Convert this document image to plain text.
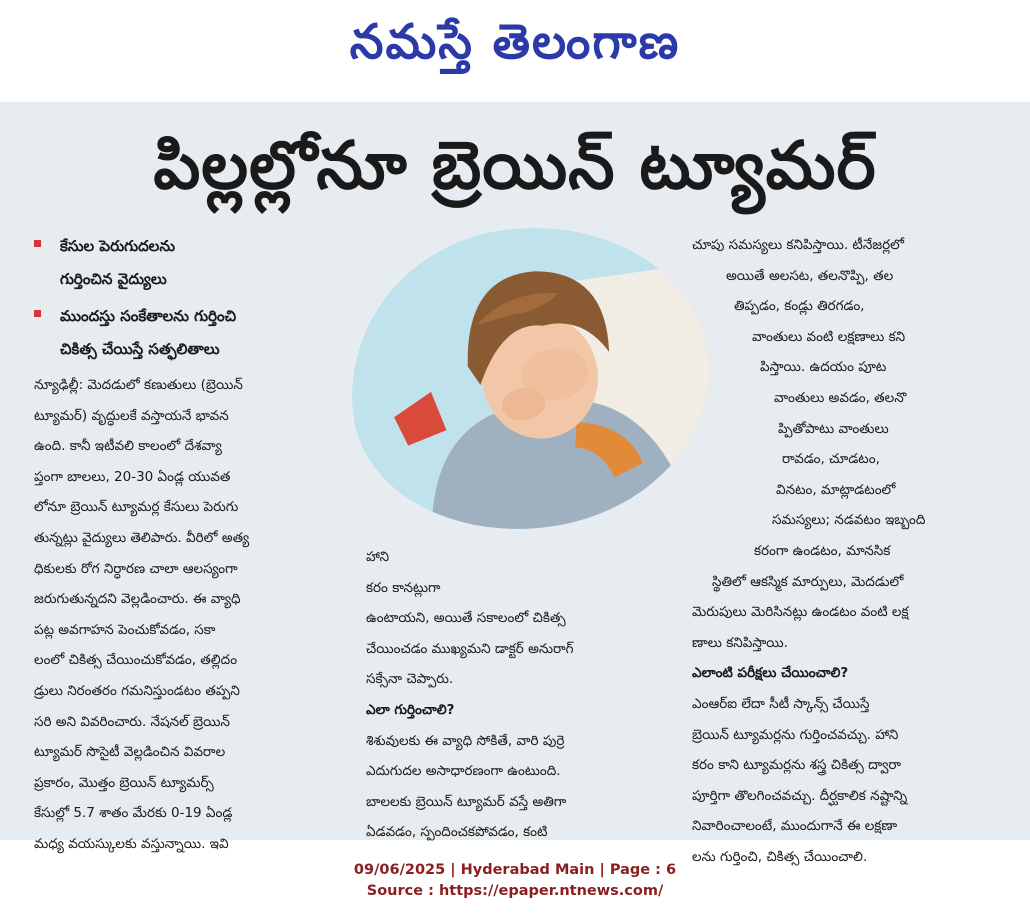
నమస్తే తెలంగాణ
పిల్లల్లోనూ బ్రెయిన్ ట్యూమర్
కేసుల పెరుగుదలను
గుర్తించిన వైద్యులు
ముందస్తు సంకేతాలను గుర్తించి
చికిత్స చేయిస్తే సత్ఫలితాలు
న్యూఢిల్లీ: మెదడులో కణుతులు (బ్రెయిన్
ట్యూమర్) వృద్ధులకే వస్తాయనే భావన
ఉంది. కానీ ఇటీవలి కాలంలో దేశవ్యా
ప్తంగా బాలలు, 20-30 ఏండ్ల యువత
లోనూ బ్రెయిన్ ట్యూమర్ల కేసులు పెరుగు
తున్నట్లు వైద్యులు తెలిపారు. వీరిలో అత్య
ధికులకు రోగ నిర్ధారణ చాలా ఆలస్యంగా
జరుగుతున్నదని వెల్లడించారు. ఈ వ్యాధి
పట్ల అవగాహన పెంచుకోవడం, సకా
లంలో చికిత్స చేయించుకోవడం, తల్లిదం
డ్రులు నిరంతరం గమనిస్తుండటం తప్పని
సరి అని వివరించారు. నేషనల్ బ్రెయిన్
ట్యూమర్ సొసైటీ వెల్లడించిన వివరాల
ప్రకారం, మొత్తం బ్రెయిన్ ట్యూమర్స్
కేసుల్లో 5.7 శాతం మేరకు 0-19 ఏండ్ల
మధ్య వయస్కులకు వస్తున్నాయి. ఇవి
హాని
కరం కానట్లుగా
ఉంటాయని, అయితే సకాలంలో చికిత్స
చేయించడం ముఖ్యమని డాక్టర్ అనురాగ్
సక్సేనా చెప్పారు.
ఎలా గుర్తించాలి?
శిశువులకు ఈ వ్యాధి సోకితే, వారి పుర్రె
ఎదుగుదల అసాధారణంగా ఉంటుంది.
బాలలకు బ్రెయిన్ ట్యూమర్ వస్తే అతిగా
ఏడవడం, స్పందించకపోవడం, కంటి
చూపు సమస్యలు కనిపిస్తాయి. టీనేజర్లలో
అయితే అలసట, తలనొప్పి, తల
తిప్పడం, కండ్లు తిరగడం,
వాంతులు వంటి లక్షణాలు కని
పిస్తాయి. ఉదయం పూట
వాంతులు అవడం, తలనొ
ప్పితోపాటు వాంతులు
రావడం, చూడటం,
వినటం, మాట్లాడటంలో
సమస్యలు; నడవటం ఇబ్బంది
కరంగా ఉండటం, మానసిక
స్థితిలో ఆకస్మిక మార్పులు, మెదడులో
మెరుపులు మెరిసినట్లు ఉండటం వంటి లక్ష
ణాలు కనిపిస్తాయి.
ఎలాంటి పరీక్షలు చేయించాలి?
ఎంఆర్ఐ లేదా సీటీ స్కాన్స్ చేయిస్తే
బ్రెయిన్ ట్యూమర్లను గుర్తించవచ్చు. హాని
కరం కాని ట్యూమర్లను శస్త్ర చికిత్స ద్వారా
పూర్తిగా తొలగించవచ్చు. దీర్ఘకాలిక నష్టాన్ని
నివారించాలంటే, ముందుగానే ఈ లక్షణా
లను గుర్తించి, చికిత్స చేయించాలి.
09/06/2025 | Hyderabad Main | Page : 6
Source : https://epaper.ntnews.com/
